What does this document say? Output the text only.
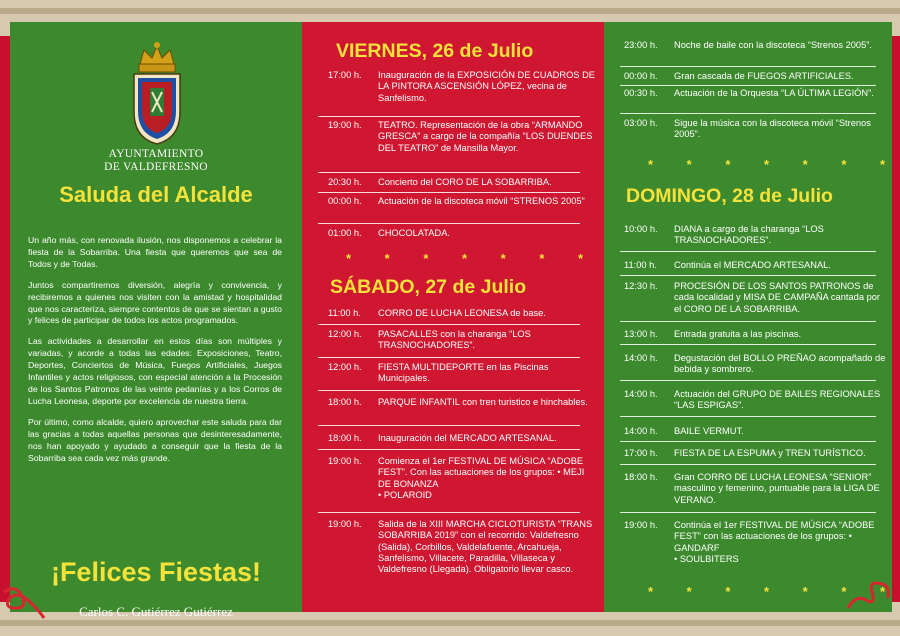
AYUNTAMIENTO
DE VALDEFRESNO
Saluda del Alcalde

Un año más, con renovada ilusión, nos disponemos a celebrar la fiesta de la Sobarriba. Una fiesta que queremos que sea de Todos y de Todas.

Juntos compartiremos diversión, alegría y convivencia, y recibiremos a quienes nos visiten con la amistad y hospitalidad que nos caracteriza, siempre contentos de que se sientan a gusto y felices de participar de todos los actos programados.

Las actividades a desarrollar en estos días son múltiples y variadas, y acorde a todas las edades: Exposiciones, Teatro, Deportes, Conciertos de Música, Fuegos Artificiales, Juegos Infantiles y actos religiosos, con especial atención a la Procesión de los Santos Patronos de las veinte pedanías y a los Corros de Lucha Leonesa, deporte por excelencia de nuestra tierra.

Por último, como alcalde, quiero aprovechar este saluda para dar las gracias a todas aquellas personas que desinteresadamente, nos han apoyado y ayudado a conseguir que la fiesta de la Sobarriba sea cada vez más grande.

¡Felices Fiestas!
Carlos C. Gutiérrez Gutiérrez
VIERNES, 26 de Julio
17:00 h.	Inauguración de la EXPOSICIÓN DE CUADROS DE LA PINTORA ASCENSIÓN LÓPEZ, vecina de Sanfelismo.
19:00 h.	TEATRO. Representación de la obra “ARMANDO GRESCA” a cargo de la compañía “LOS DUENDES DEL TEATRO” de Mansilla Mayor.
20:30 h.	Concierto del CORO DE LA SOBARRIBA.
00:00 h.	Actuación de la discoteca móvil “STRENOS 2005”
01:00 h.	CHOCOLATADA.
* * * * * * *
SÁBADO, 27 de Julio
11:00 h.	CORRO DE LUCHA LEONESA de base.
12:00 h.	PASACALLES con la charanga “LOS TRASNOCHADORES”.
12:00 h.	FIESTA MULTIDEPORTE en las Piscinas Municipales.
18:00 h.	PARQUE INFANTIL con tren turistico e hinchables.
18:00 h.	Inauguración del MERCADO ARTESANAL.
19:00 h.	Comienza el 1er FESTIVAL DE MÚSICA “ADOBE FEST”. Con las actuaciones de los grupos: • MEJI DE BONANZA
• POLAROID
19:00 h.	Salida de la XIII MARCHA CICLOTURISTA “TRANS SOBARRIBA 2019” con el recorrido: Valdefresno (Salida), Corbillos, Valdelafuente, Arcahueja, Sanfelismo, Villacete, Paradilla, Villaseca y Valdefresno (Llegada). Obligatorio llevar casco.
23:00 h.	Noche de baile con la discoteca “Strenos 2005”.
00:00 h.	Gran cascada de FUEGOS ARTIFICIALES.
00:30 h.	Actuación de la Orquesta “LA ÚLTIMA LEGIÓN”.
03:00 h.	Sigue la música con la discoteca móvil “Strenos 2005”.
* * * * * * *
DOMINGO, 28 de Julio
10:00 h.	DIANA a cargo de la charanga “LOS TRASNOCHADORES”.
11:00 h.	Continúa el MERCADO ARTESANAL.
12:30 h.	PROCESIÓN DE LOS SANTOS PATRONOS de cada localidad y MISA DE CAMPAÑA cantada por el CORO DE LA SOBARRIBA.
13:00 h.	Entrada gratuita a las piscinas.
14:00 h.	Degustación del BOLLO PREÑAO acompañado de bebida y sombrero.
14:00 h.	Actuación del GRUPO DE BAILES REGIONALES “LAS ESPIGAS”.
14:00 h.	BAILE VERMUT.
17:00 h.	FIESTA DE LA ESPUMA y TREN TURÍSTICO.
18:00 h.	Gran CORRO DE LUCHA LEONESA “SENIOR” masculino y femenino, puntuable para la LIGA DE VERANO.
19:00 h.	Continúa el 1er FESTIVAL DE MÚSICA “ADOBE FEST” con las actuaciones de los grupos: • GANDARF
• SOULBITERS
* * * * * * *
